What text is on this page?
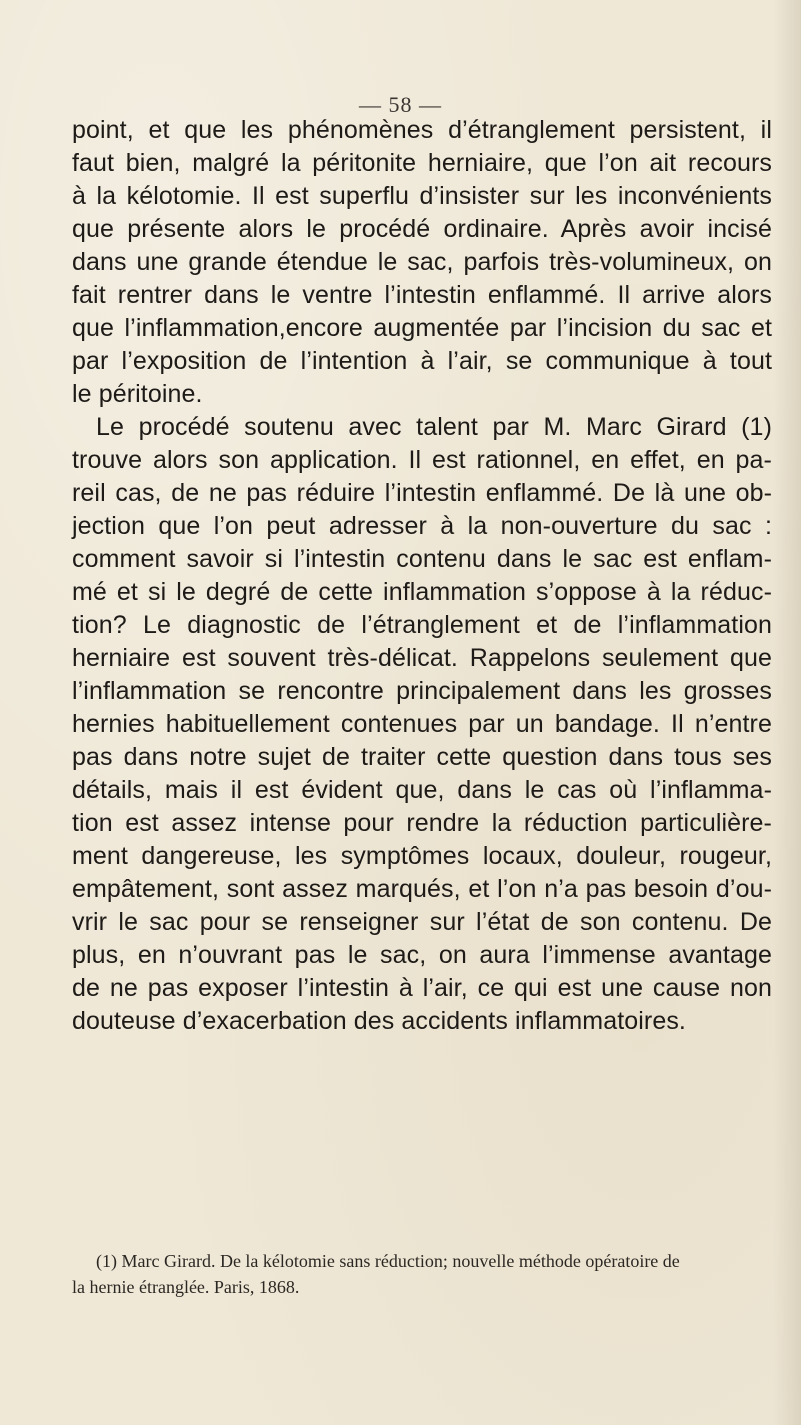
— 58 —
point, et que les phénomènes d’étranglement persistent, il
faut bien, malgré la péritonite herniaire, que l’on ait recours
à la kélotomie. Il est superflu d’insister sur les inconvénients
que présente alors le procédé ordinaire. Après avoir incisé
dans une grande étendue le sac, parfois très-volumineux, on
fait rentrer dans le ventre l’intestin enflammé. Il arrive alors
que l’inflammation,encore augmentée par l’incision du sac et
par l’exposition de l’intention à l’air, se communique à tout
le péritoine.
Le procédé soutenu avec talent par M. Marc Girard (1)
trouve alors son application. Il est rationnel, en effet, en pa-
reil cas, de ne pas réduire l’intestin enflammé. De là une ob-
jection que l’on peut adresser à la non-ouverture du sac :
comment savoir si l’intestin contenu dans le sac est enflam-
mé et si le degré de cette inflammation s’oppose à la réduc-
tion? Le diagnostic de l’étranglement et de l’inflammation
herniaire est souvent très-délicat. Rappelons seulement que
l’inflammation se rencontre principalement dans les grosses
hernies habituellement contenues par un bandage. Il n’entre
pas dans notre sujet de traiter cette question dans tous ses
détails, mais il est évident que, dans le cas où l’inflamma-
tion est assez intense pour rendre la réduction particulière-
ment dangereuse, les symptômes locaux, douleur, rougeur,
empâtement, sont assez marqués, et l’on n’a pas besoin d’ou-
vrir le sac pour se renseigner sur l’état de son contenu. De
plus, en n’ouvrant pas le sac, on aura l’immense avantage
de ne pas exposer l’intestin à l’air, ce qui est une cause non
douteuse d’exacerbation des accidents inflammatoires.
(1) Marc Girard. De la kélotomie sans réduction; nouvelle méthode opératoire de
la hernie étranglée. Paris, 1868.
